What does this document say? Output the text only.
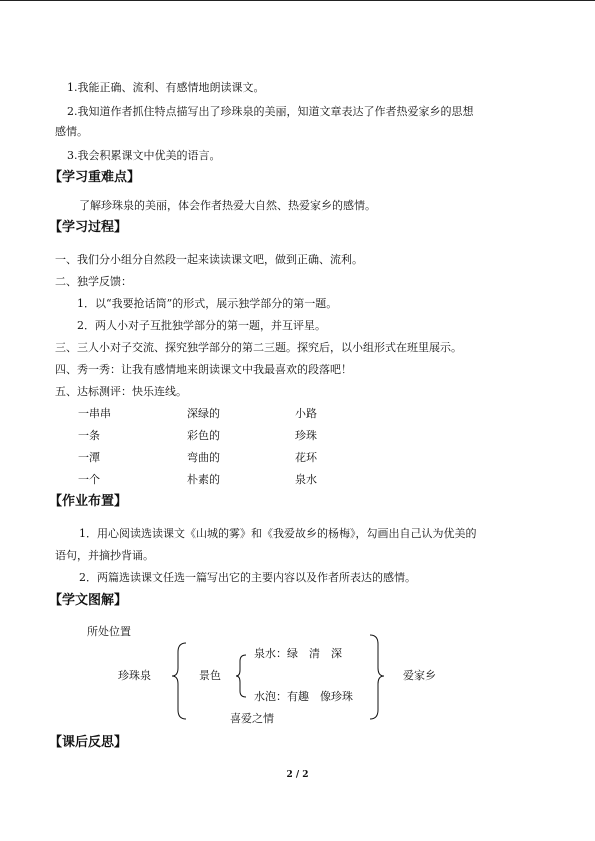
1.我能正确、流利、有感情地朗读课文。
2.我知道作者抓住特点描写出了珍珠泉的美丽，知道文章表达了作者热爱家乡的思想
感情。
3.我会积累课文中优美的语言。
【学习重难点】
了解珍珠泉的美丽，体会作者热爱大自然、热爱家乡的感情。
【学习过程】
一、我们分小组分自然段一起来读读课文吧，做到正确、流利。
二、独学反馈：
1．以“我要抢话筒”的形式，展示独学部分的第一题。
2．两人小对子互批独学部分的第一题，并互评星。
三、三人小对子交流、探究独学部分的第二三题。探究后，以小组形式在班里展示。
四、秀一秀：让我有感情地来朗读课文中我最喜欢的段落吧！
五、达标测评：快乐连线。
一串串	深绿的	小路
一条	彩色的	珍珠
一潭	弯曲的	花环
一个	朴素的	泉水
【作业布置】
1．用心阅读选读课文《山城的雾》和《我爱故乡的杨梅》，勾画出自己认为优美的
语句，并摘抄背诵。
2．两篇选读课文任选一篇写出它的主要内容以及作者所表达的感情。
【学文图解】
所处位置
珍珠泉	景色
泉水：绿　清　深
水泡：有趣　像珍珠
喜爱之情
爱家乡
【课后反思】
2 / 2
